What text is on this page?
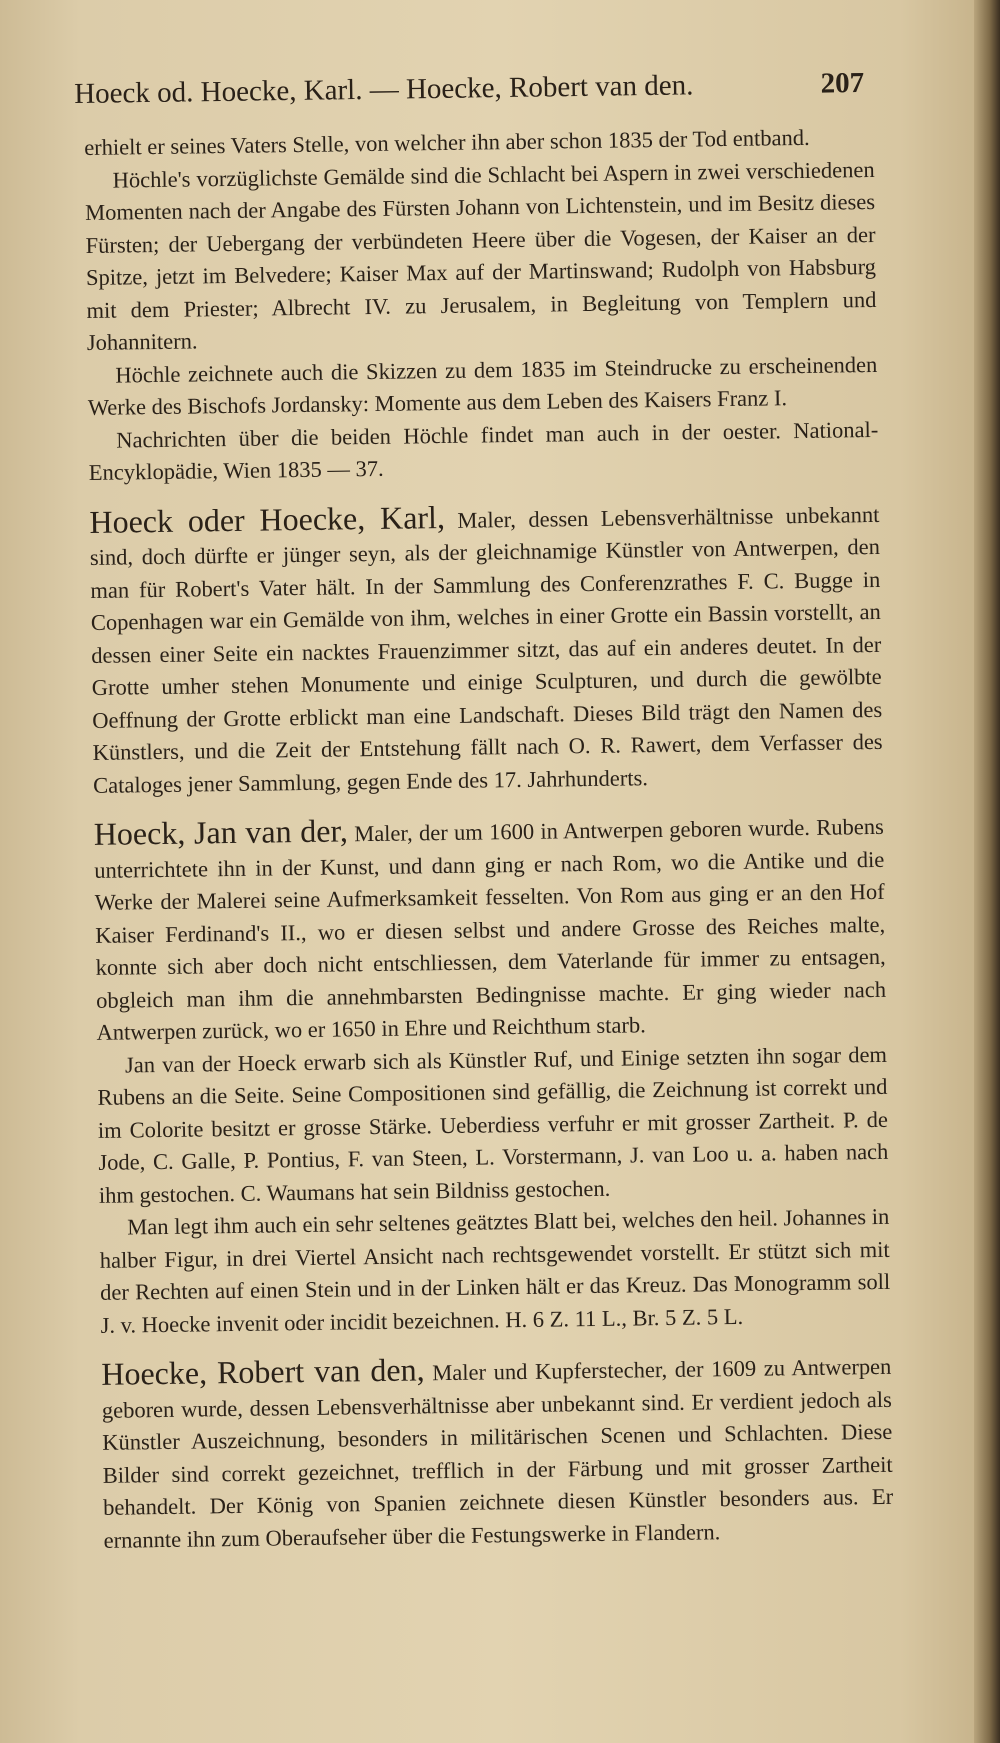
Hoeck od. Hoecke, Karl. — Hoecke, Robert van den.	207

erhielt er seines Vaters Stelle, von welcher ihn aber schon 1835 der Tod entband.

Höchle's vorzüglichste Gemälde sind die Schlacht bei Aspern in zwei verschiedenen Momenten nach der Angabe des Fürsten Johann von Lichtenstein, und im Besitz dieses Fürsten; der Uebergang der verbündeten Heere über die Vogesen, der Kaiser an der Spitze, jetzt im Belvedere; Kaiser Max auf der Martinswand; Rudolph von Habsburg mit dem Priester; Albrecht IV. zu Jerusalem, in Begleitung von Templern und Johannitern.

Höchle zeichnete auch die Skizzen zu dem 1835 im Steindrucke zu erscheinenden Werke des Bischofs Jordansky: Momente aus dem Leben des Kaisers Franz I.

Nachrichten über die beiden Höchle findet man auch in der oester. National-Encyklopädie, Wien 1835 — 37.

Hoeck oder Hoecke, Karl, Maler, dessen Lebensverhältnisse unbekannt sind, doch dürfte er jünger seyn, als der gleichnamige Künstler von Antwerpen, den man für Robert's Vater hält. In der Sammlung des Conferenzrathes F. C. Bugge in Copenhagen war ein Gemälde von ihm, welches in einer Grotte ein Bassin vorstellt, an dessen einer Seite ein nacktes Frauenzimmer sitzt, das auf ein anderes deutet. In der Grotte umher stehen Monumente und einige Sculpturen, und durch die gewölbte Oeffnung der Grotte erblickt man eine Landschaft. Dieses Bild trägt den Namen des Künstlers, und die Zeit der Entstehung fällt nach O. R. Rawert, dem Verfasser des Cataloges jener Sammlung, gegen Ende des 17. Jahrhunderts.

Hoeck, Jan van der, Maler, der um 1600 in Antwerpen geboren wurde. Rubens unterrichtete ihn in der Kunst, und dann ging er nach Rom, wo die Antike und die Werke der Malerei seine Aufmerksamkeit fesselten. Von Rom aus ging er an den Hof Kaiser Ferdinand's II., wo er diesen selbst und andere Grosse des Reiches malte, konnte sich aber doch nicht entschliessen, dem Vaterlande für immer zu entsagen, obgleich man ihm die annehmbarsten Bedingnisse machte. Er ging wieder nach Antwerpen zurück, wo er 1650 in Ehre und Reichthum starb.

Jan van der Hoeck erwarb sich als Künstler Ruf, und Einige setzten ihn sogar dem Rubens an die Seite. Seine Compositionen sind gefällig, die Zeichnung ist correkt und im Colorite besitzt er grosse Stärke. Ueberdiess verfuhr er mit grosser Zartheit. P. de Jode, C. Galle, P. Pontius, F. van Steen, L. Vorstermann, J. van Loo u. a. haben nach ihm gestochen. C. Waumans hat sein Bildniss gestochen.

Man legt ihm auch ein sehr seltenes geätztes Blatt bei, welches den heil. Johannes in halber Figur, in drei Viertel Ansicht nach rechtsgewendet vorstellt. Er stützt sich mit der Rechten auf einen Stein und in der Linken hält er das Kreuz. Das Monogramm soll J. v. Hoecke invenit oder incidit bezeichnen. H. 6 Z. 11 L., Br. 5 Z. 5 L.

Hoecke, Robert van den, Maler und Kupferstecher, der 1609 zu Antwerpen geboren wurde, dessen Lebensverhältnisse aber unbekannt sind. Er verdient jedoch als Künstler Auszeichnung, besonders in militärischen Scenen und Schlachten. Diese Bilder sind correkt gezeichnet, trefflich in der Färbung und mit grosser Zartheit behandelt. Der König von Spanien zeichnete diesen Künstler besonders aus. Er ernannte ihn zum Oberaufseher über die Festungswerke in Flandern.
